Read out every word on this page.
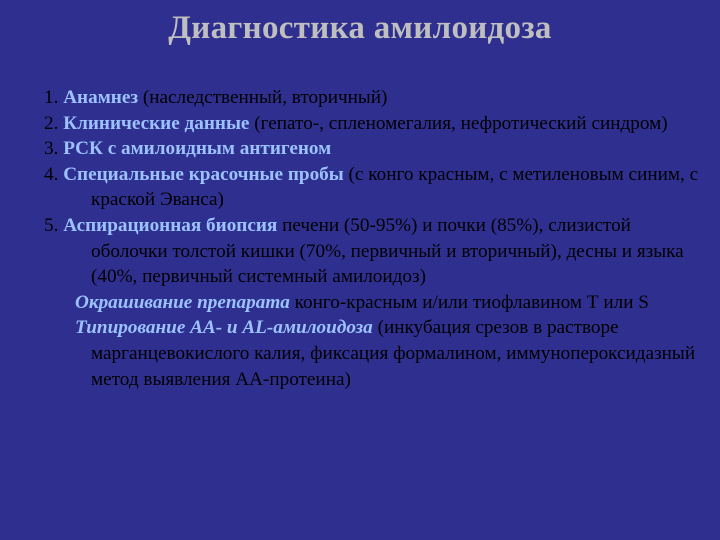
Диагностика амилоидоза
1. Анамнез (наследственный, вторичный)
2. Клинические данные (гепато-, спленомегалия, нефротический синдром)
3. РСК с амилоидным антигеном
4. Специальные красочные пробы (с конго красным, с метиленовым синим, с краской Эванса)
5. Аспирационная биопсия печени (50-95%) и почки (85%), слизистой оболочки толстой кишки (70%, первичный и вторичный), десны и языка (40%, первичный системный амилоидоз)
Окрашивание препарата конго-красным и/или тиофлавином Т или S
Типирование АА- и AL-амилоидоза (инкубация срезов в растворе марганцевокислого калия, фиксация формалином, иммунопероксидазный метод выявления АА-протеина)
